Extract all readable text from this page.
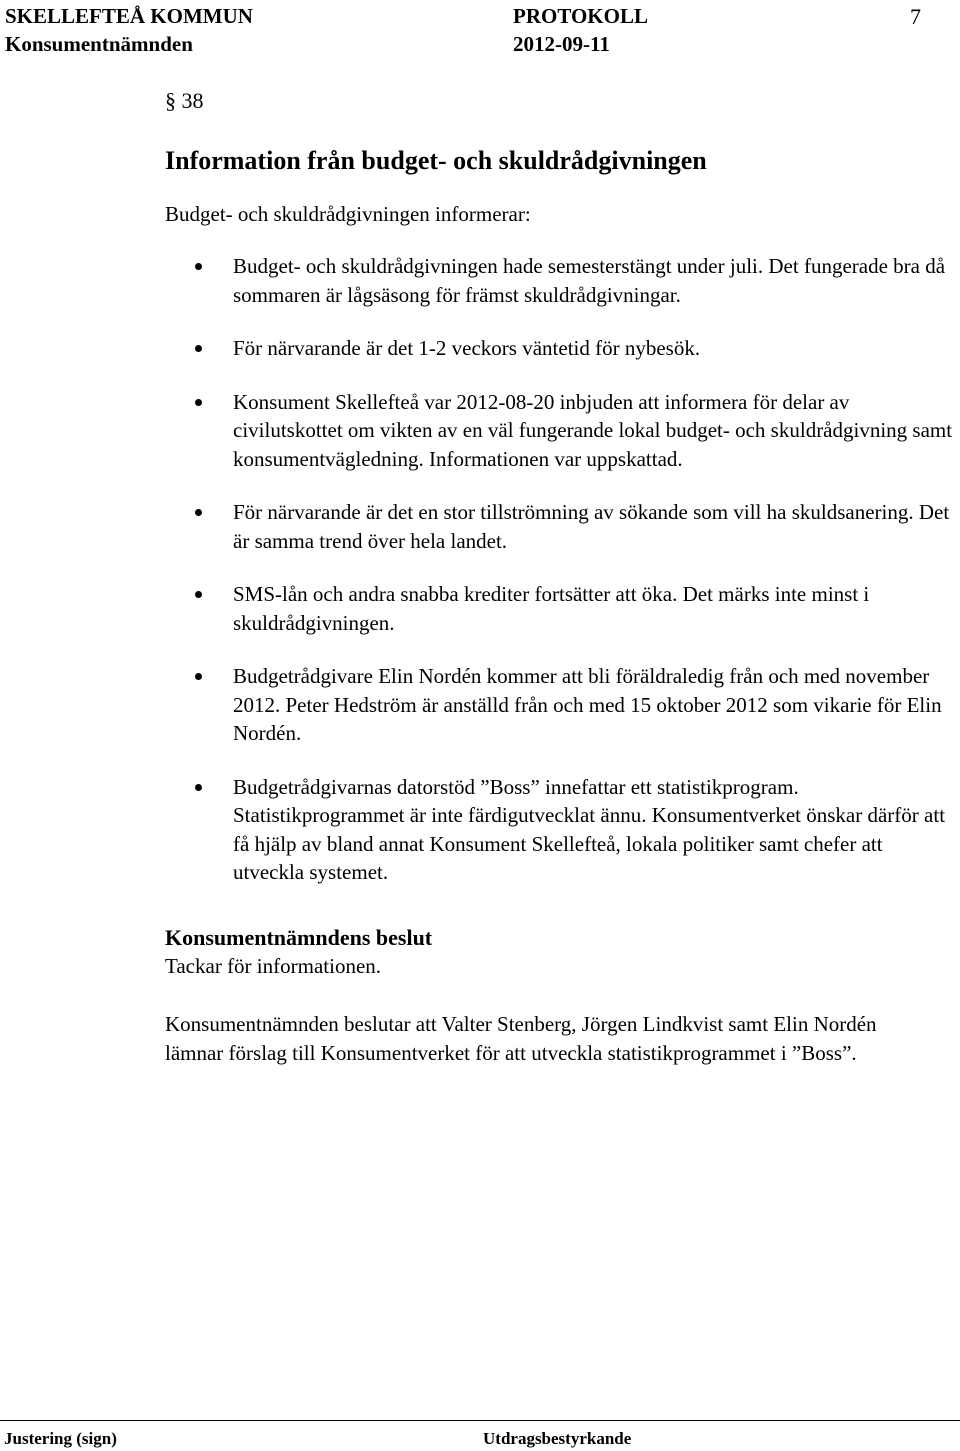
SKELLEFTEÅ KOMMUN
Konsumentnämnden
PROTOKOLL
2012-09-11
7
§ 38
Information från budget- och skuldrådgivningen
Budget- och skuldrådgivningen informerar:
Budget- och skuldrådgivningen hade semesterstängt under juli. Det fungerade bra då sommaren är lågsäsong för främst skuldrådgivningar.
För närvarande är det 1-2 veckors väntetid för nybesök.
Konsument Skellefteå var 2012-08-20 inbjuden att informera för delar av civilutskottet om vikten av en väl fungerande lokal budget- och skuldrådgivning samt konsumentvägledning. Informationen var uppskattad.
För närvarande är det en stor tillströmning av sökande som vill ha skuldsanering. Det är samma trend över hela landet.
SMS-lån och andra snabba krediter fortsätter att öka. Det märks inte minst i skuldrådgivningen.
Budgetrådgivare Elin Nordén kommer att bli föräldraledig från och med november 2012. Peter Hedström är anställd från och med 15 oktober 2012 som vikarie för Elin Nordén.
Budgetrådgivarnas datorstöd ”Boss” innefattar ett statistikprogram. Statistikprogrammet är inte färdigutvecklat ännu. Konsumentverket önskar därför att få hjälp av bland annat Konsument Skellefteå, lokala politiker samt chefer att utveckla systemet.
Konsumentnämndens beslut

Tackar för informationen.

Konsumentnämnden beslutar att Valter Stenberg, Jörgen Lindkvist samt Elin Nordén lämnar förslag till Konsumentverket för att utveckla statistikprogrammet i ”Boss”.

Justering (sign)	Utdragsbestyrkande
